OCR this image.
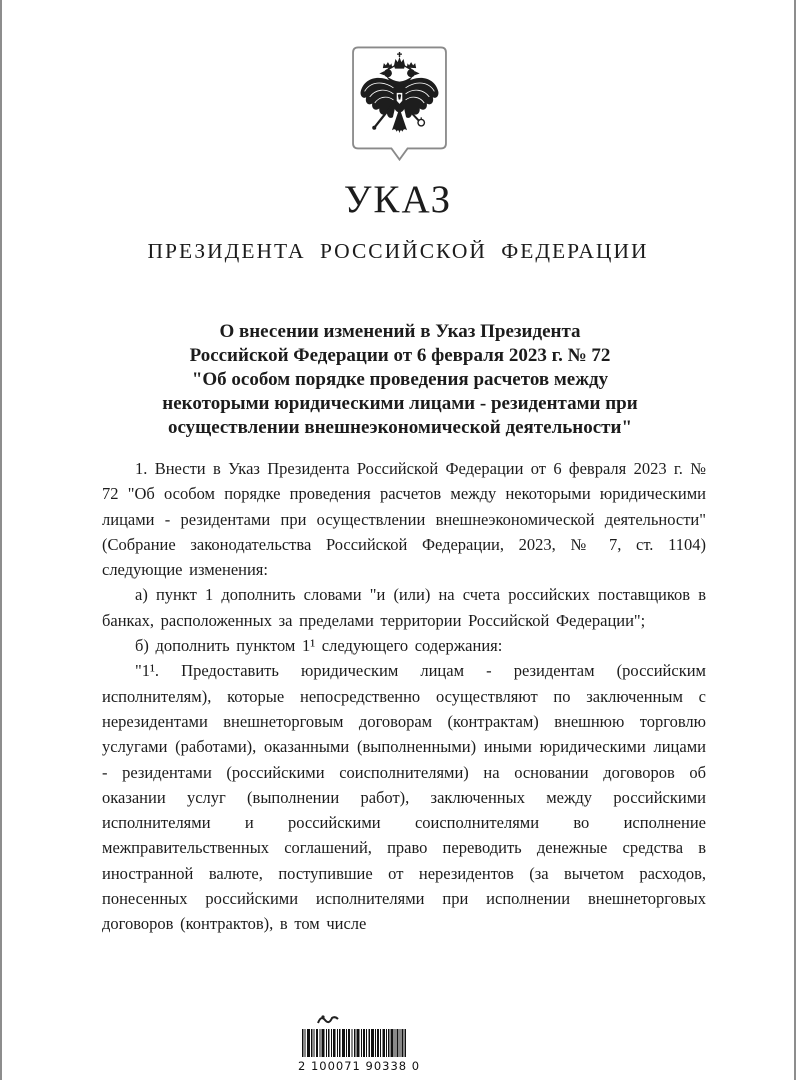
УКАЗ
ПРЕЗИДЕНТА РОССИЙСКОЙ ФЕДЕРАЦИИ
О внесении изменений в Указ Президента
Российской Федерации от 6 февраля 2023 г. № 72
"Об особом порядке проведения расчетов между
некоторыми юридическими лицами - резидентами при
осуществлении внешнеэкономической деятельности"

1. Внести в Указ Президента Российской Федерации от 6 февраля 2023 г. № 72 "Об особом порядке проведения расчетов между некоторыми юридическими лицами - резидентами при осуществлении внешнеэкономической деятельности" (Собрание законодательства Российской Федерации, 2023, № 7, ст. 1104) следующие изменения:

а) пункт 1 дополнить словами "и (или) на счета российских поставщиков в банках, расположенных за пределами территории Российской Федерации";

б) дополнить пунктом 1¹ следующего содержания:

"1¹. Предоставить юридическим лицам - резидентам (российским исполнителям), которые непосредственно осуществляют по заключенным с нерезидентами внешнеторговым договорам (контрактам) внешнюю торговлю услугами (работами), оказанными (выполненными) иными юридическими лицами - резидентами (российскими соисполнителями) на основании договоров об оказании услуг (выполнении работ), заключенных между российскими исполнителями и российскими соисполнителями во исполнение межправительственных соглашений, право переводить денежные средства в иностранной валюте, поступившие от нерезидентов (за вычетом расходов, понесенных российскими исполнителями при исполнении внешнеторговых договоров (контрактов), в том числе

2 100071 90338 0
